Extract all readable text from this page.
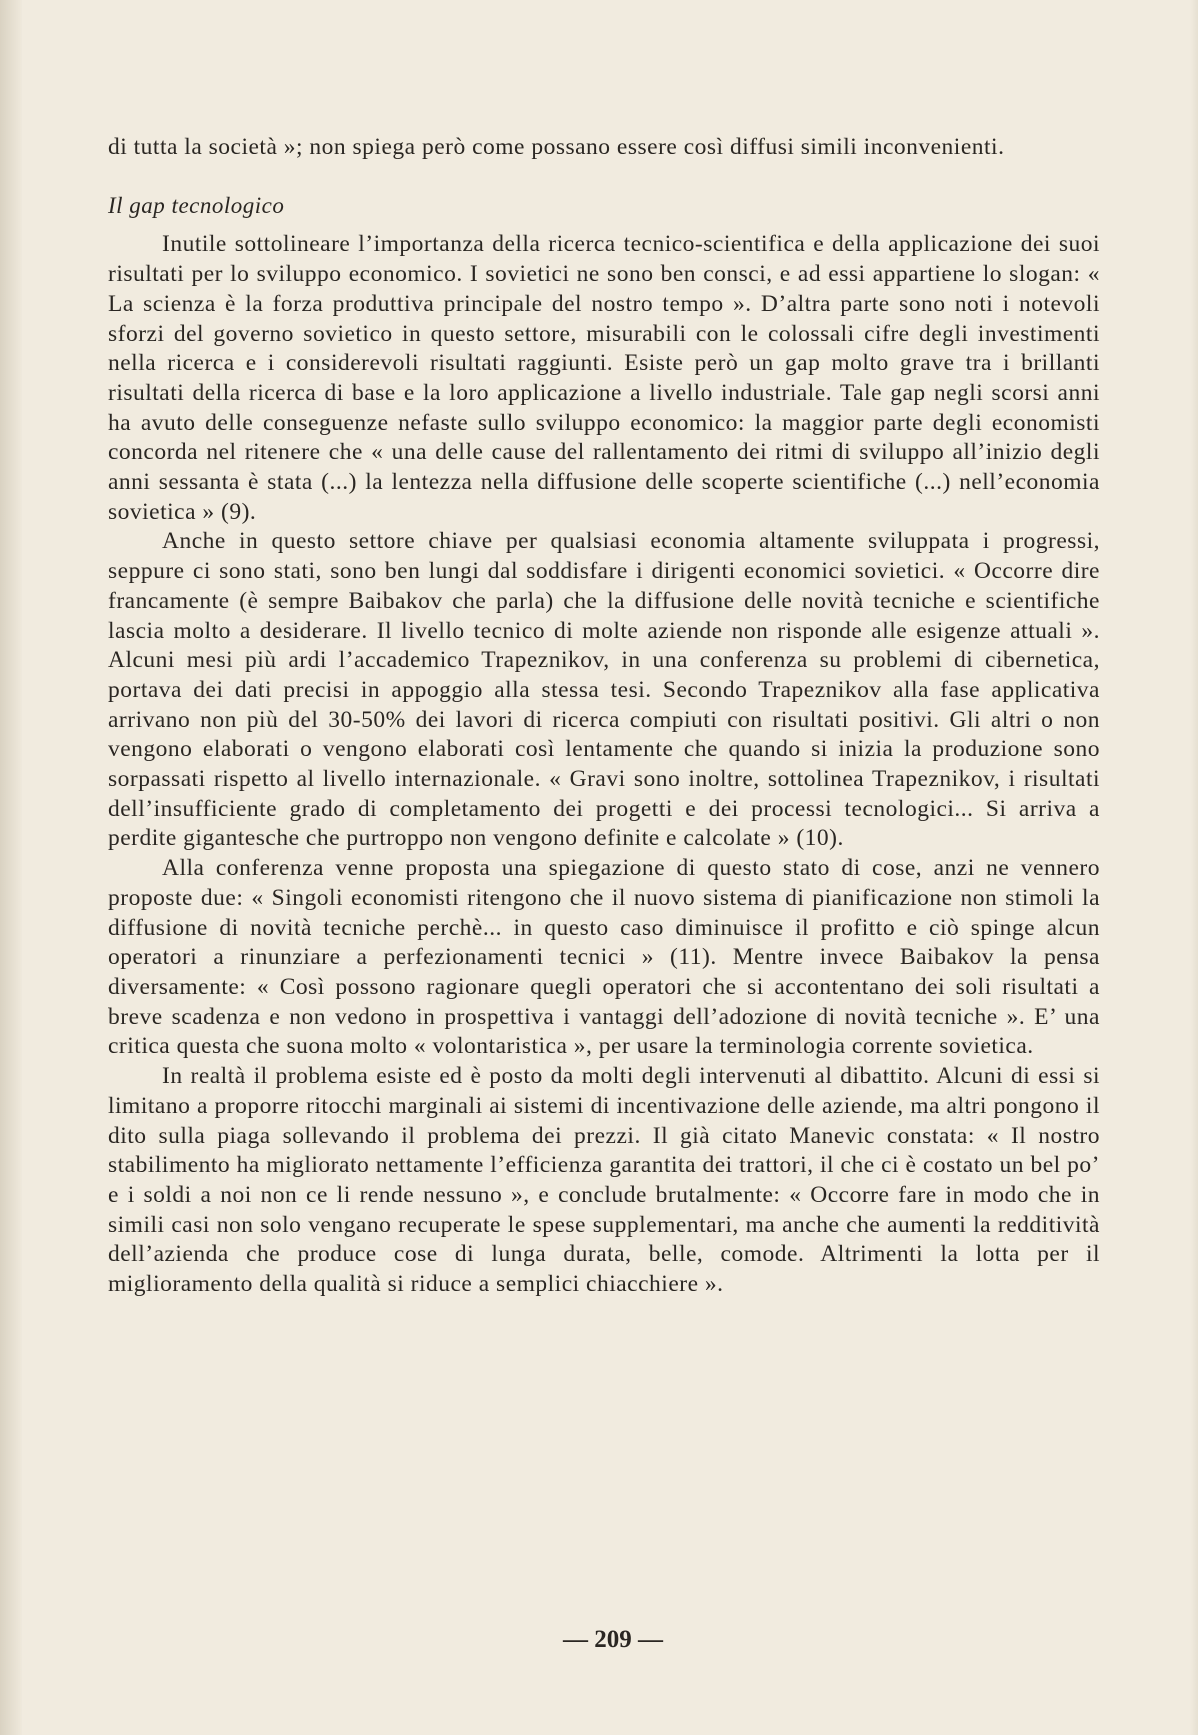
di tutta la società »; non spiega però come possano essere così diffusi simili inconvenienti.

Il gap tecnologico

Inutile sottolineare l’importanza della ricerca tecnico-scientifica e della applicazione dei suoi risultati per lo sviluppo economico. I sovietici ne sono ben consci, e ad essi appartiene lo slogan: « La scienza è la forza produttiva principale del nostro tempo ». D’altra parte sono noti i notevoli sforzi del governo sovietico in questo settore, misurabili con le colossali cifre degli investimenti nella ricerca e i considerevoli risultati raggiunti. Esiste però un gap molto grave tra i brillanti risultati della ricerca di base e la loro applicazione a livello industriale. Tale gap negli scorsi anni ha avuto delle conseguenze nefaste sullo sviluppo economico: la maggior parte degli economisti concorda nel ritenere che « una delle cause del rallentamento dei ritmi di sviluppo all’inizio degli anni sessanta è stata (...) la lentezza nella diffusione delle scoperte scientifiche (...) nell’economia sovietica » (9).

Anche in questo settore chiave per qualsiasi economia altamente sviluppata i progressi, seppure ci sono stati, sono ben lungi dal soddisfare i dirigenti economici sovietici. « Occorre dire francamente (è sempre Baibakov che parla) che la diffusione delle novità tecniche e scientifiche lascia molto a desiderare. Il livello tecnico di molte aziende non risponde alle esigenze attuali ». Alcuni mesi più ardi l’accademico Trapeznikov, in una conferenza su problemi di cibernetica, portava dei dati precisi in appoggio alla stessa tesi. Secondo Trapeznikov alla fase applicativa arrivano non più del 30-50% dei lavori di ricerca compiuti con risultati positivi. Gli altri o non vengono elaborati o vengono elaborati così lentamente che quando si inizia la produzione sono sorpassati rispetto al livello internazionale. « Gravi sono inoltre, sottolinea Trapeznikov, i risultati dell’insufficiente grado di completamento dei progetti e dei processi tecnologici... Si arriva a perdite gigantesche che purtroppo non vengono definite e calcolate » (10).

Alla conferenza venne proposta una spiegazione di questo stato di cose, anzi ne vennero proposte due: « Singoli economisti ritengono che il nuovo sistema di pianificazione non stimoli la diffusione di novità tecniche perchè... in questo caso diminuisce il profitto e ciò spinge alcun operatori a rinunziare a perfezionamenti tecnici » (11). Mentre invece Baibakov la pensa diversamente: « Così possono ragionare quegli operatori che si accontentano dei soli risultati a breve scadenza e non vedono in prospettiva i vantaggi dell’adozione di novità tecniche ». E’ una critica questa che suona molto « volontaristica », per usare la terminologia corrente sovietica.

In realtà il problema esiste ed è posto da molti degli intervenuti al dibattito. Alcuni di essi si limitano a proporre ritocchi marginali ai sistemi di incentivazione delle aziende, ma altri pongono il dito sulla piaga sollevando il problema dei prezzi. Il già citato Manevic constata: « Il nostro stabilimento ha migliorato nettamente l’efficienza garantita dei trattori, il che ci è costato un bel po’ e i soldi a noi non ce li rende nessuno », e conclude brutalmente: « Occorre fare in modo che in simili casi non solo vengano recuperate le spese supplementari, ma anche che aumenti la redditività dell’azienda che produce cose di lunga durata, belle, comode. Altrimenti la lotta per il miglioramento della qualità si riduce a semplici chiacchiere ».

— 209 —
